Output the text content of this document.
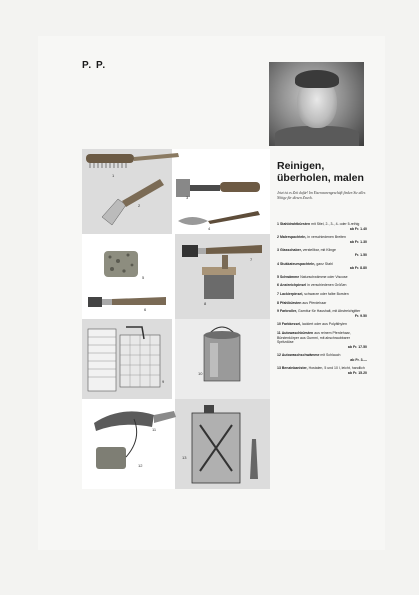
P. P.
1
2
3
4
5
6
7
8
9
10
11
12
13
Reinigen,
überholen, malen
Jetzt ist es Zeit dafür! Im Eisenwarengeschäft finden Sie alles Nötige für diesen Zweck.
1 Stahldrahtbürsten mit Stiel, 2-, 3-, 4- oder 5-reihig
ab Fr. 1.40
2 Malerspachteln, in verschiedenen Breiten
ab Fr. 1.30
3 Glasschaber, verstellbar, mit Klinge
Fr. 1.50
4 Stukkateurspachteln, ganz Stahl
ab Fr. 8.80
5 Schwämme Naturschwämme oder Viscose
6 Anstreichpinsel in verschiedenen Größen
7 Lackierpinsel, schwarze oder falbe Borsten
8 Pfahlbürsten aus Pferdehaar
9 Farbroller, Garnitur für Haushalt, mit Abstreichgitter
Fr. 9.50
10 Farbkessel, lackiert oder aus Polyäthylen
11 Autowaschbürsten aus reinem Pferdehaar, Bürstenkörper aus Gummi, mit abschraubbarer Spritzdüse
ab Fr. 17.50
12 Autowaschschwämme mit Schlauch
ab Fr. 3.—
13 Benzinkanister, Hostalen, 5 und 10 l, leicht, handlich
ab Fr. 15.20
